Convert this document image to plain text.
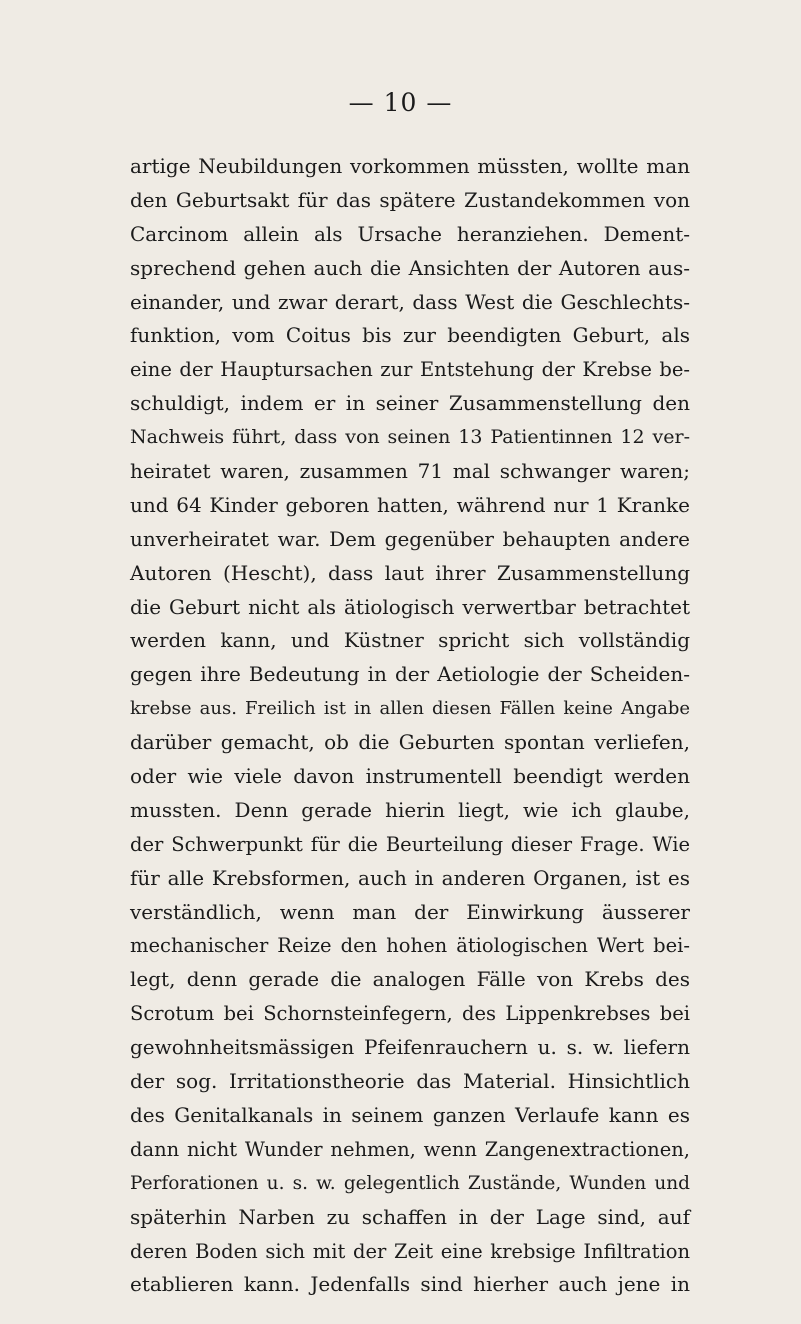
— 10 —
artige Neubildungen vorkommen müssten, wollte man
den Geburtsakt für das spätere Zustandekommen von
Carcinom allein als Ursache heranziehen. Dement-
sprechend gehen auch die Ansichten der Autoren aus-
einander, und zwar derart, dass West die Geschlechts-
funktion, vom Coitus bis zur beendigten Geburt, als
eine der Hauptursachen zur Entstehung der Krebse be-
schuldigt, indem er in seiner Zusammenstellung den
Nachweis führt, dass von seinen 13 Patientinnen 12 ver-
heiratet waren, zusammen 71 mal schwanger waren;
und 64 Kinder geboren hatten, während nur 1 Kranke
unverheiratet war. Dem gegenüber behaupten andere
Autoren (Hescht), dass laut ihrer Zusammenstellung
die Geburt nicht als ätiologisch verwertbar betrachtet
werden kann, und Küstner spricht sich vollständig
gegen ihre Bedeutung in der Aetiologie der Scheiden-
krebse aus. Freilich ist in allen diesen Fällen keine Angabe
darüber gemacht, ob die Geburten spontan verliefen,
oder wie viele davon instrumentell beendigt werden
mussten. Denn gerade hierin liegt, wie ich glaube,
der Schwerpunkt für die Beurteilung dieser Frage. Wie
für alle Krebsformen, auch in anderen Organen, ist es
verständlich, wenn man der Einwirkung äusserer
mechanischer Reize den hohen ätiologischen Wert bei-
legt, denn gerade die analogen Fälle von Krebs des
Scrotum bei Schornsteinfegern, des Lippenkrebses bei
gewohnheitsmässigen Pfeifenrauchern u. s. w. liefern
der sog. Irritationstheorie das Material. Hinsichtlich
des Genitalkanals in seinem ganzen Verlaufe kann es
dann nicht Wunder nehmen, wenn Zangenextractionen,
Perforationen u. s. w. gelegentlich Zustände, Wunden und
späterhin Narben zu schaffen in der Lage sind, auf
deren Boden sich mit der Zeit eine krebsige Infiltration
etablieren kann. Jedenfalls sind hierher auch jene in
